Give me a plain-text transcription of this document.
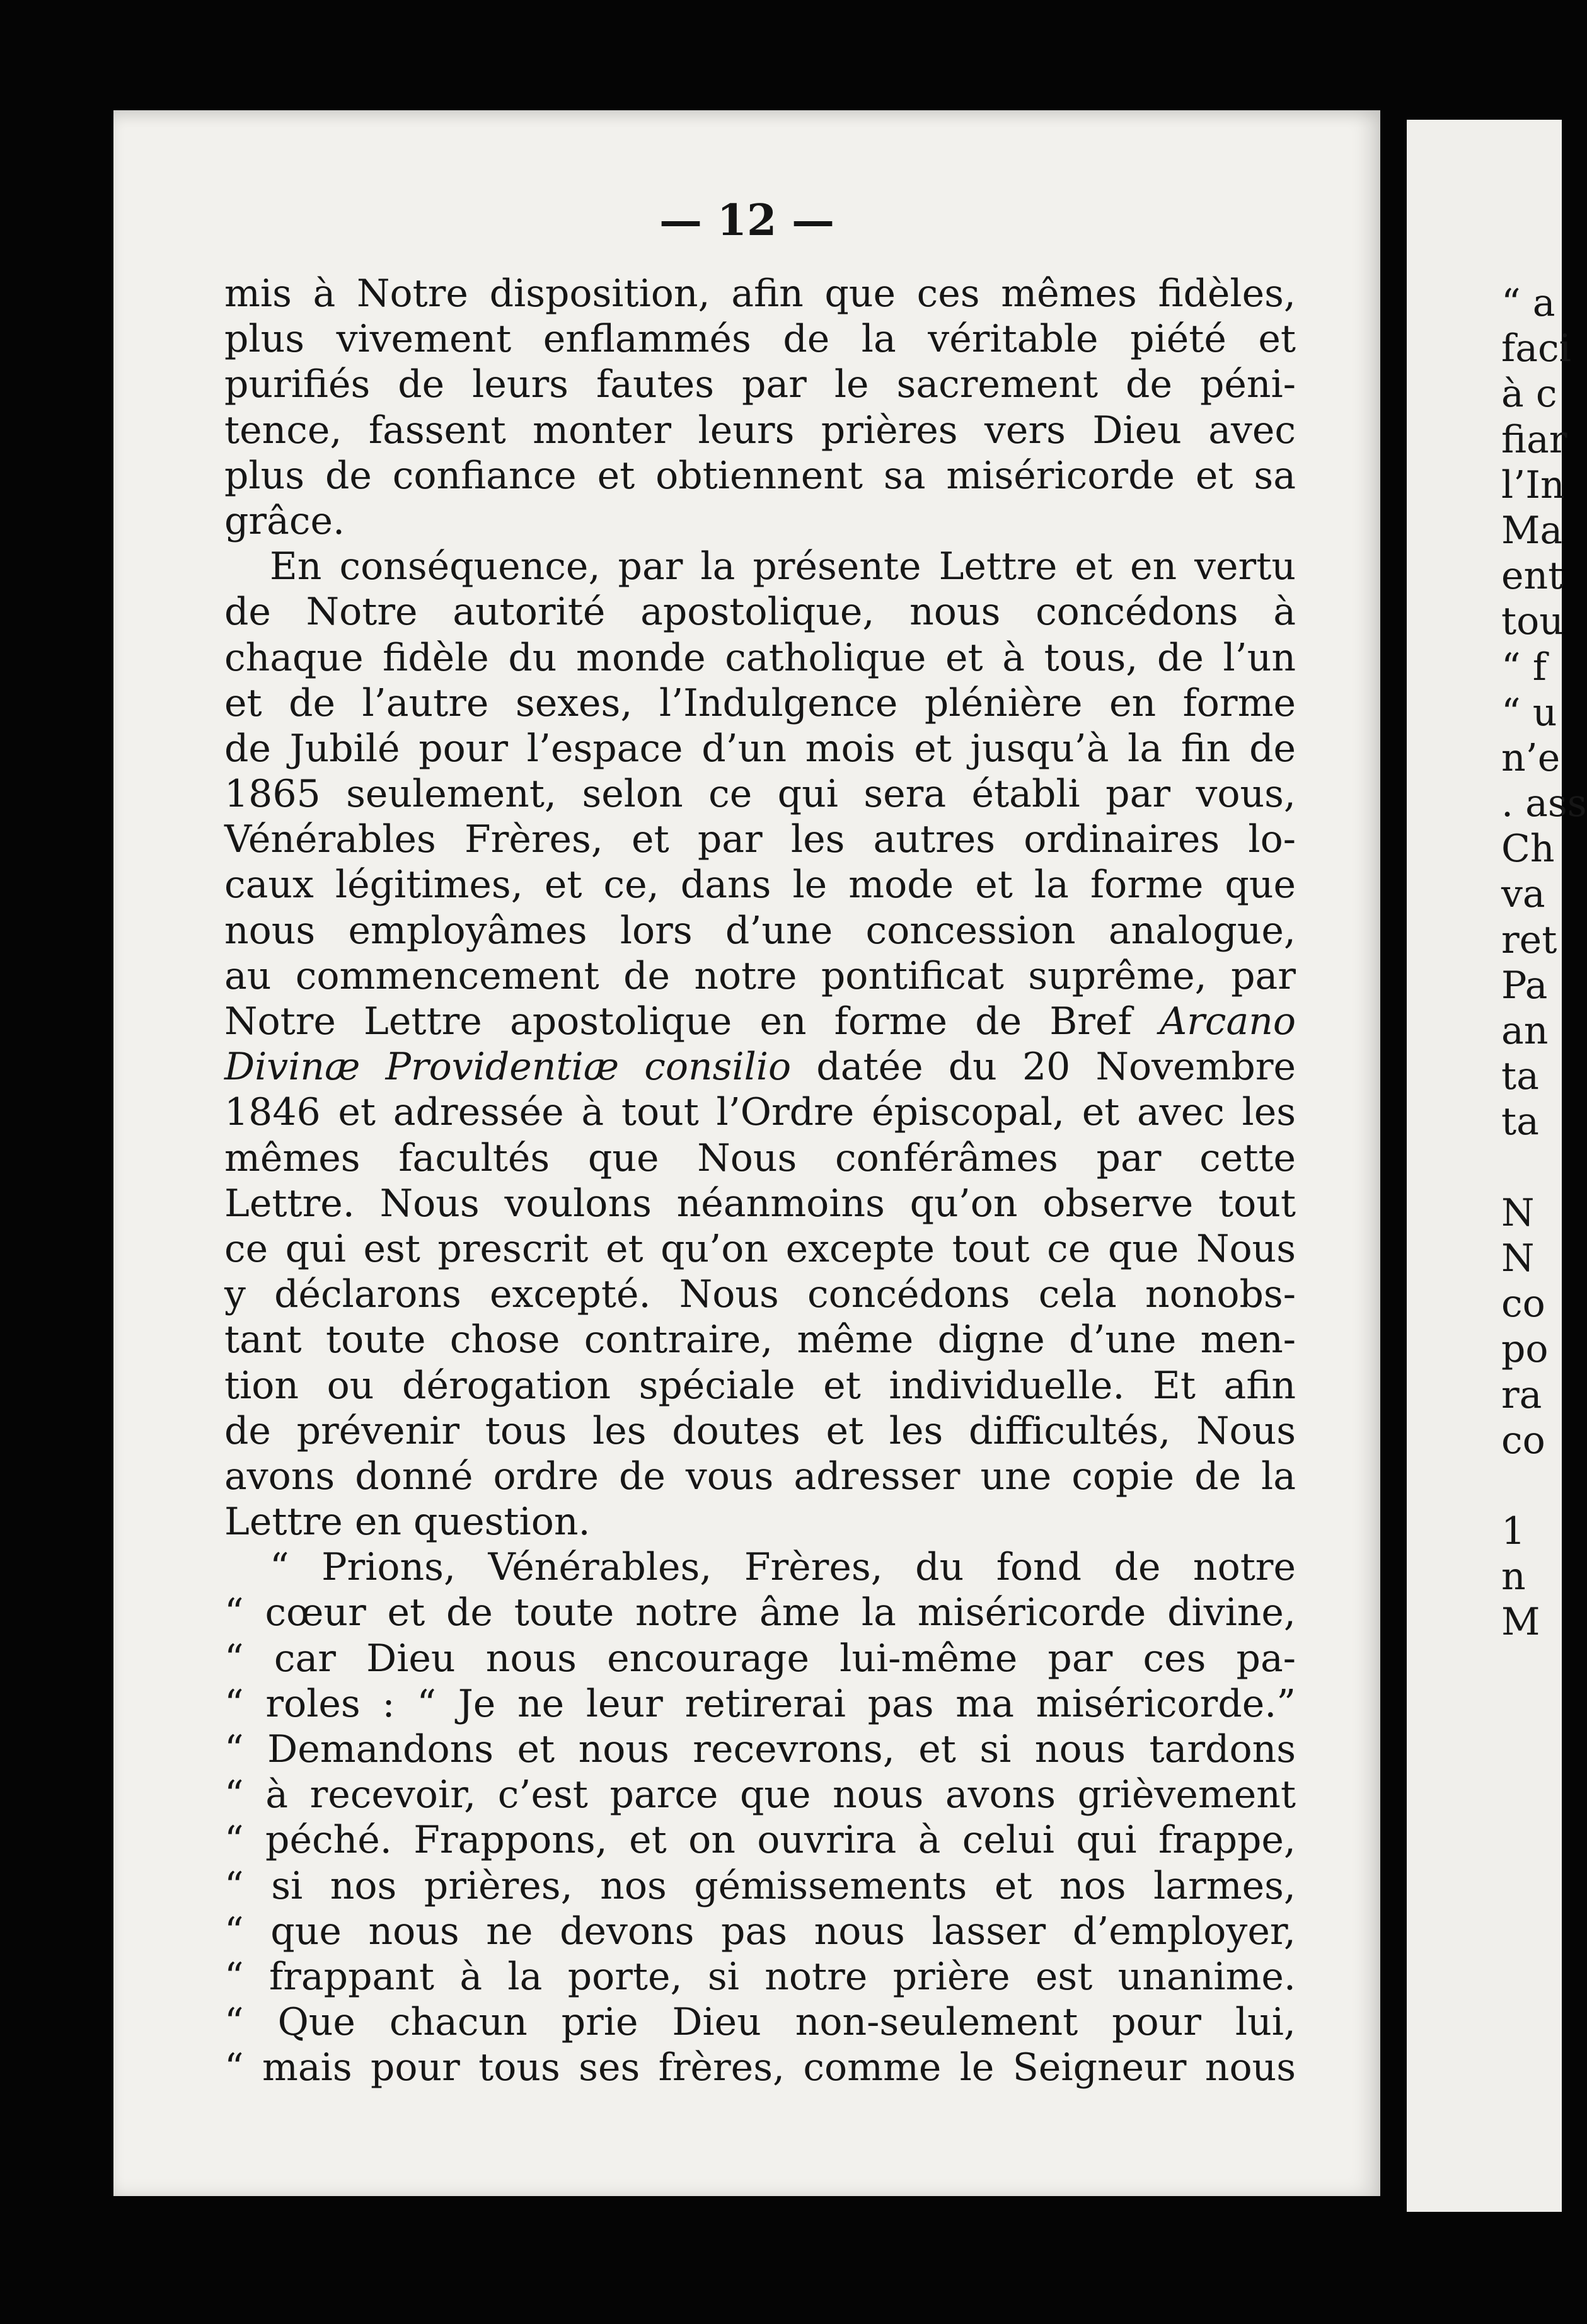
— 12 —
mis à Notre disposition, afin que ces mêmes fidèles,
plus vivement enflammés de la véritable piété et
purifiés de leurs fautes par le sacrement de péni-
tence, fassent monter leurs prières vers Dieu avec
plus de confiance et obtiennent sa miséricorde et sa
grâce.
En conséquence, par la présente Lettre et en vertu
de Notre autorité apostolique, nous concédons à
chaque fidèle du monde catholique et à tous, de l’un
et de l’autre sexes, l’Indulgence plénière en forme
de Jubilé pour l’espace d’un mois et jusqu’à la fin de
1865 seulement, selon ce qui sera établi par vous,
Vénérables Frères, et par les autres ordinaires lo-
caux légitimes, et ce, dans le mode et la forme que
nous employâmes lors d’une concession analogue,
au commencement de notre pontificat suprême, par
Notre Lettre apostolique en forme de Bref Arcano
Divinæ Providentiæ consilio datée du 20 Novembre
1846 et adressée à tout l’Ordre épiscopal, et avec les
mêmes facultés que Nous conférâmes par cette
Lettre. Nous voulons néanmoins qu’on observe tout
ce qui est prescrit et qu’on excepte tout ce que Nous
y déclarons excepté. Nous concédons cela nonobs-
tant toute chose contraire, même digne d’une men-
tion ou dérogation spéciale et individuelle. Et afin
de prévenir tous les doutes et les difficultés, Nous
avons donné ordre de vous adresser une copie de la
Lettre en question.
“ Prions, Vénérables, Frères, du fond de notre
“ cœur et de toute notre âme la miséricorde divine,
“ car Dieu nous encourage lui-même par ces pa-
“ roles : “ Je ne leur retirerai pas ma miséricorde.”
“ Demandons et nous recevrons, et si nous tardons
“ à recevoir, c’est parce que nous avons grièvement
“ péché. Frappons, et on ouvrira à celui qui frappe,
“ si nos prières, nos gémissements et nos larmes,
“ que nous ne devons pas nous lasser d’employer,
“ frappant à la porte, si notre prière est unanime.
“ Que chacun prie Dieu non-seulement pour lui,
“ mais pour tous ses frères, comme le Seigneur nous
“ a
faci
à c
fiar
l’In
Ma
ent
tou
“ f
“ u
n’e
. ass
Ch
va
ret
Pa
an
ta
ta
N
N
co
po
ra
co
1
n
M
